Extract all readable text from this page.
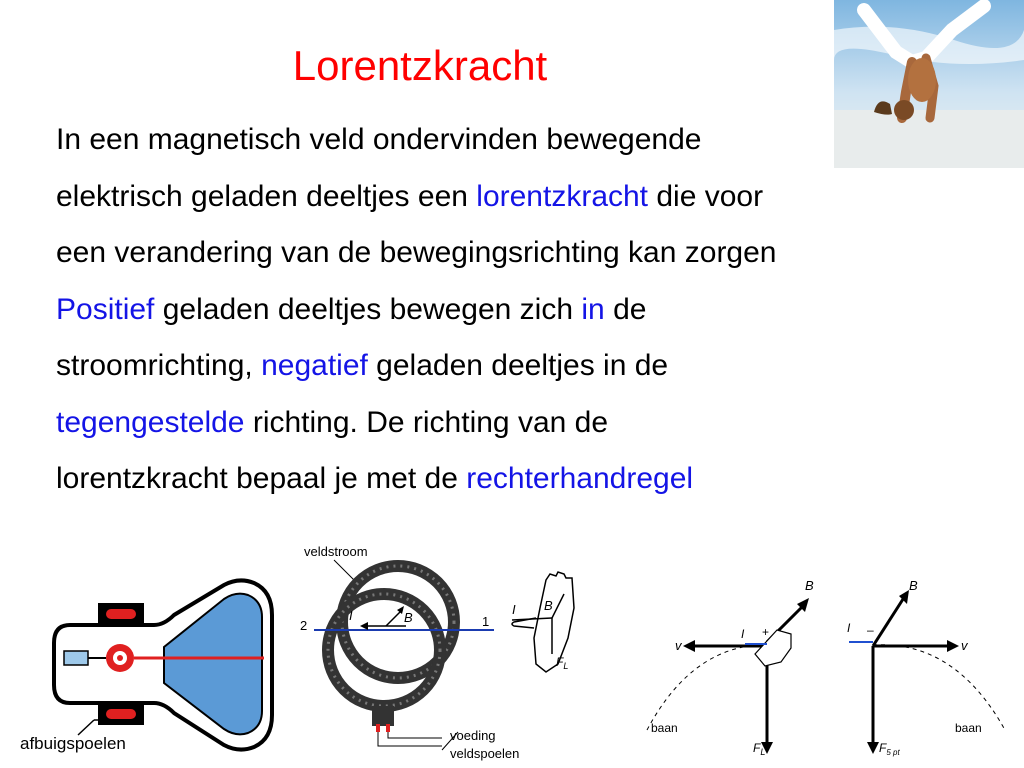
Lorentzkracht
In een magnetisch veld ondervinden bewegende
elektrisch geladen deeltjes een lorentzkracht die voor
een verandering van de bewegingsrichting kan zorgen
Positief geladen deeltjes bewegen zich in de
stroomrichting, negatief geladen deeltjes in de
tegengestelde richting. De richting van de
lorentzkracht bepaal je met de rechterhandregel
afbuigspoelen
veldstroom
2	1
I	B
voeding
veldspoelen
I B
$F_L$
v
B
$F_L$
I +
baan
v
B
$F_{5 pt}$
I –
baan
